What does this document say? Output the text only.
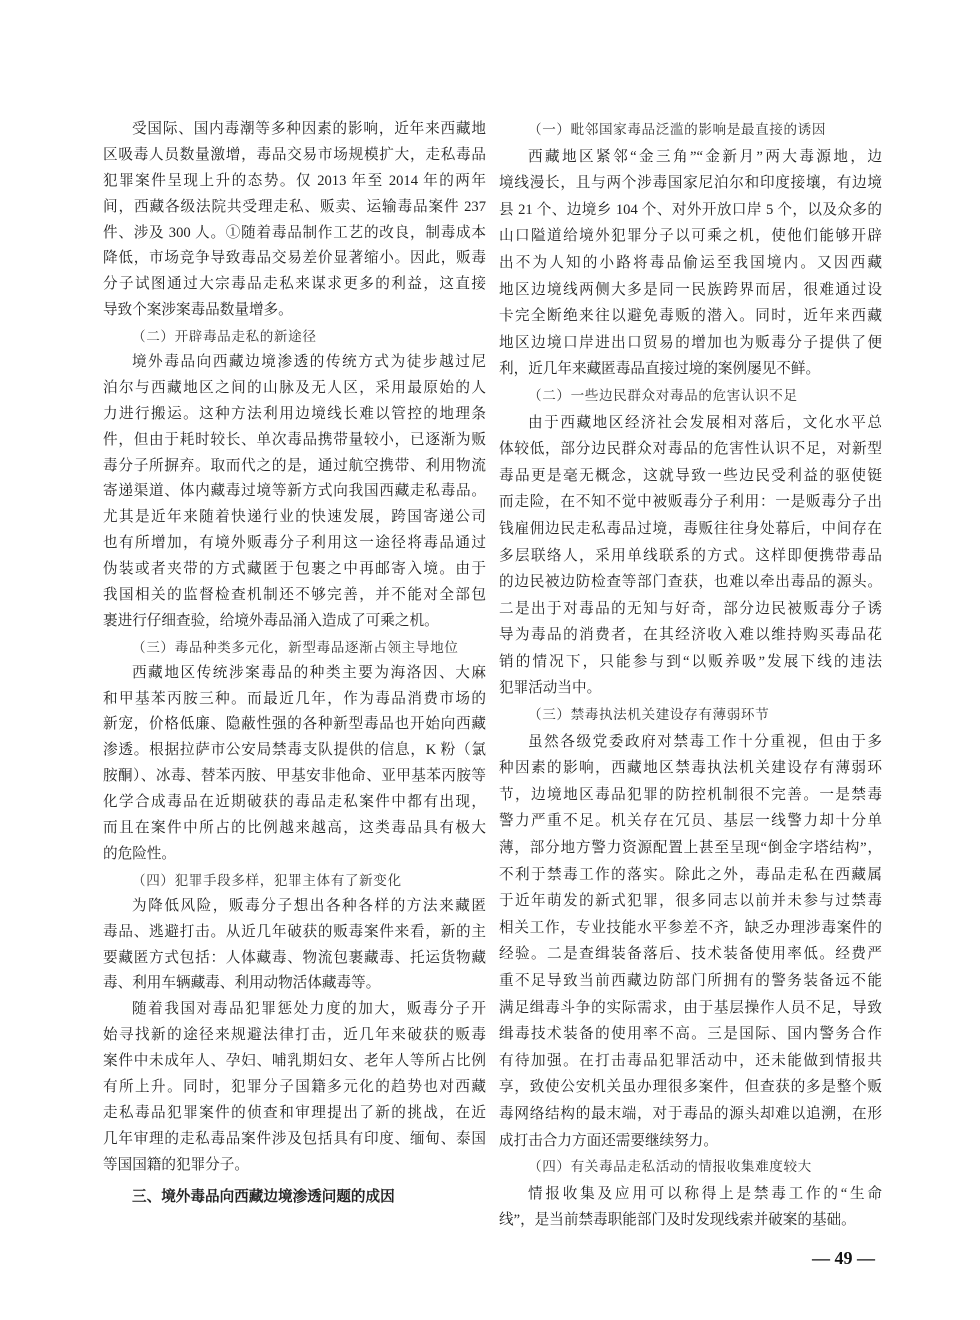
受国际、国内毒潮等多种因素的影响，近年来西藏地
区吸毒人员数量激增，毒品交易市场规模扩大，走私毒品
犯罪案件呈现上升的态势。仅 2013 年至 2014 年的两年
间，西藏各级法院共受理走私、贩卖、运输毒品案件 237
件、涉及 300 人。①随着毒品制作工艺的改良，制毒成本
降低，市场竞争导致毒品交易差价显著缩小。因此，贩毒
分子试图通过大宗毒品走私来谋求更多的利益，这直接
导致个案涉案毒品数量增多。
（二）开辟毒品走私的新途径
境外毒品向西藏边境渗透的传统方式为徒步越过尼
泊尔与西藏地区之间的山脉及无人区，采用最原始的人
力进行搬运。这种方法利用边境线长难以管控的地理条
件，但由于耗时较长、单次毒品携带量较小，已逐渐为贩
毒分子所摒弃。取而代之的是，通过航空携带、利用物流
寄递渠道、体内藏毒过境等新方式向我国西藏走私毒品。
尤其是近年来随着快递行业的快速发展，跨国寄递公司
也有所增加，有境外贩毒分子利用这一途径将毒品通过
伪装或者夹带的方式藏匿于包裹之中再邮寄入境。由于
我国相关的监督检查机制还不够完善，并不能对全部包
裹进行仔细查验，给境外毒品涌入造成了可乘之机。
（三）毒品种类多元化，新型毒品逐渐占领主导地位
西藏地区传统涉案毒品的种类主要为海洛因、大麻
和甲基苯丙胺三种。而最近几年，作为毒品消费市场的
新宠，价格低廉、隐蔽性强的各种新型毒品也开始向西藏
渗透。根据拉萨市公安局禁毒支队提供的信息，K 粉（氯
胺酮）、冰毒、替苯丙胺、甲基安非他命、亚甲基苯丙胺等
化学合成毒品在近期破获的毒品走私案件中都有出现，
而且在案件中所占的比例越来越高，这类毒品具有极大
的危险性。
（四）犯罪手段多样，犯罪主体有了新变化
为降低风险，贩毒分子想出各种各样的方法来藏匿
毒品、逃避打击。从近几年破获的贩毒案件来看，新的主
要藏匿方式包括：人体藏毒、物流包裹藏毒、托运货物藏
毒、利用车辆藏毒、利用动物活体藏毒等。
随着我国对毒品犯罪惩处力度的加大，贩毒分子开
始寻找新的途径来规避法律打击，近几年来破获的贩毒
案件中未成年人、孕妇、哺乳期妇女、老年人等所占比例
有所上升。同时，犯罪分子国籍多元化的趋势也对西藏
走私毒品犯罪案件的侦查和审理提出了新的挑战，在近
几年审理的走私毒品案件涉及包括具有印度、缅甸、泰国
等国国籍的犯罪分子。
三、境外毒品向西藏边境渗透问题的成因
（一）毗邻国家毒品泛滥的影响是最直接的诱因
西藏地区紧邻“金三角”“金新月”两大毒源地，边
境线漫长，且与两个涉毒国家尼泊尔和印度接壤，有边境
县 21 个、边境乡 104 个、对外开放口岸 5 个，以及众多的
山口隘道给境外犯罪分子以可乘之机，使他们能够开辟
出不为人知的小路将毒品偷运至我国境内。又因西藏
地区边境线两侧大多是同一民族跨界而居，很难通过设
卡完全断绝来往以避免毒贩的潜入。同时，近年来西藏
地区边境口岸进出口贸易的增加也为贩毒分子提供了便
利，近几年来藏匿毒品直接过境的案例屡见不鲜。
（二）一些边民群众对毒品的危害认识不足
由于西藏地区经济社会发展相对落后，文化水平总
体较低，部分边民群众对毒品的危害性认识不足，对新型
毒品更是毫无概念，这就导致一些边民受利益的驱使铤
而走险，在不知不觉中被贩毒分子利用：一是贩毒分子出
钱雇佣边民走私毒品过境，毒贩往往身处幕后，中间存在
多层联络人，采用单线联系的方式。这样即便携带毒品
的边民被边防检查等部门查获，也难以牵出毒品的源头。
二是出于对毒品的无知与好奇，部分边民被贩毒分子诱
导为毒品的消费者，在其经济收入难以维持购买毒品花
销的情况下，只能参与到“以贩养吸”发展下线的违法
犯罪活动当中。
（三）禁毒执法机关建设存有薄弱环节
虽然各级党委政府对禁毒工作十分重视，但由于多
种因素的影响，西藏地区禁毒执法机关建设存有薄弱环
节，边境地区毒品犯罪的防控机制很不完善。一是禁毒
警力严重不足。机关存在冗员、基层一线警力却十分单
薄，部分地方警力资源配置上甚至呈现“倒金字塔结构”，
不利于禁毒工作的落实。除此之外，毒品走私在西藏属
于近年萌发的新式犯罪，很多同志以前并未参与过禁毒
相关工作，专业技能水平参差不齐，缺乏办理涉毒案件的
经验。二是查缉装备落后、技术装备使用率低。经费严
重不足导致当前西藏边防部门所拥有的警务装备远不能
满足缉毒斗争的实际需求，由于基层操作人员不足，导致
缉毒技术装备的使用率不高。三是国际、国内警务合作
有待加强。在打击毒品犯罪活动中，还未能做到情报共
享，致使公安机关虽办理很多案件，但查获的多是整个贩
毒网络结构的最末端，对于毒品的源头却难以追溯，在形
成打击合力方面还需要继续努力。
（四）有关毒品走私活动的情报收集难度较大
情报收集及应用可以称得上是禁毒工作的“生命
线”，是当前禁毒职能部门及时发现线索并破案的基础。
— 49 —
